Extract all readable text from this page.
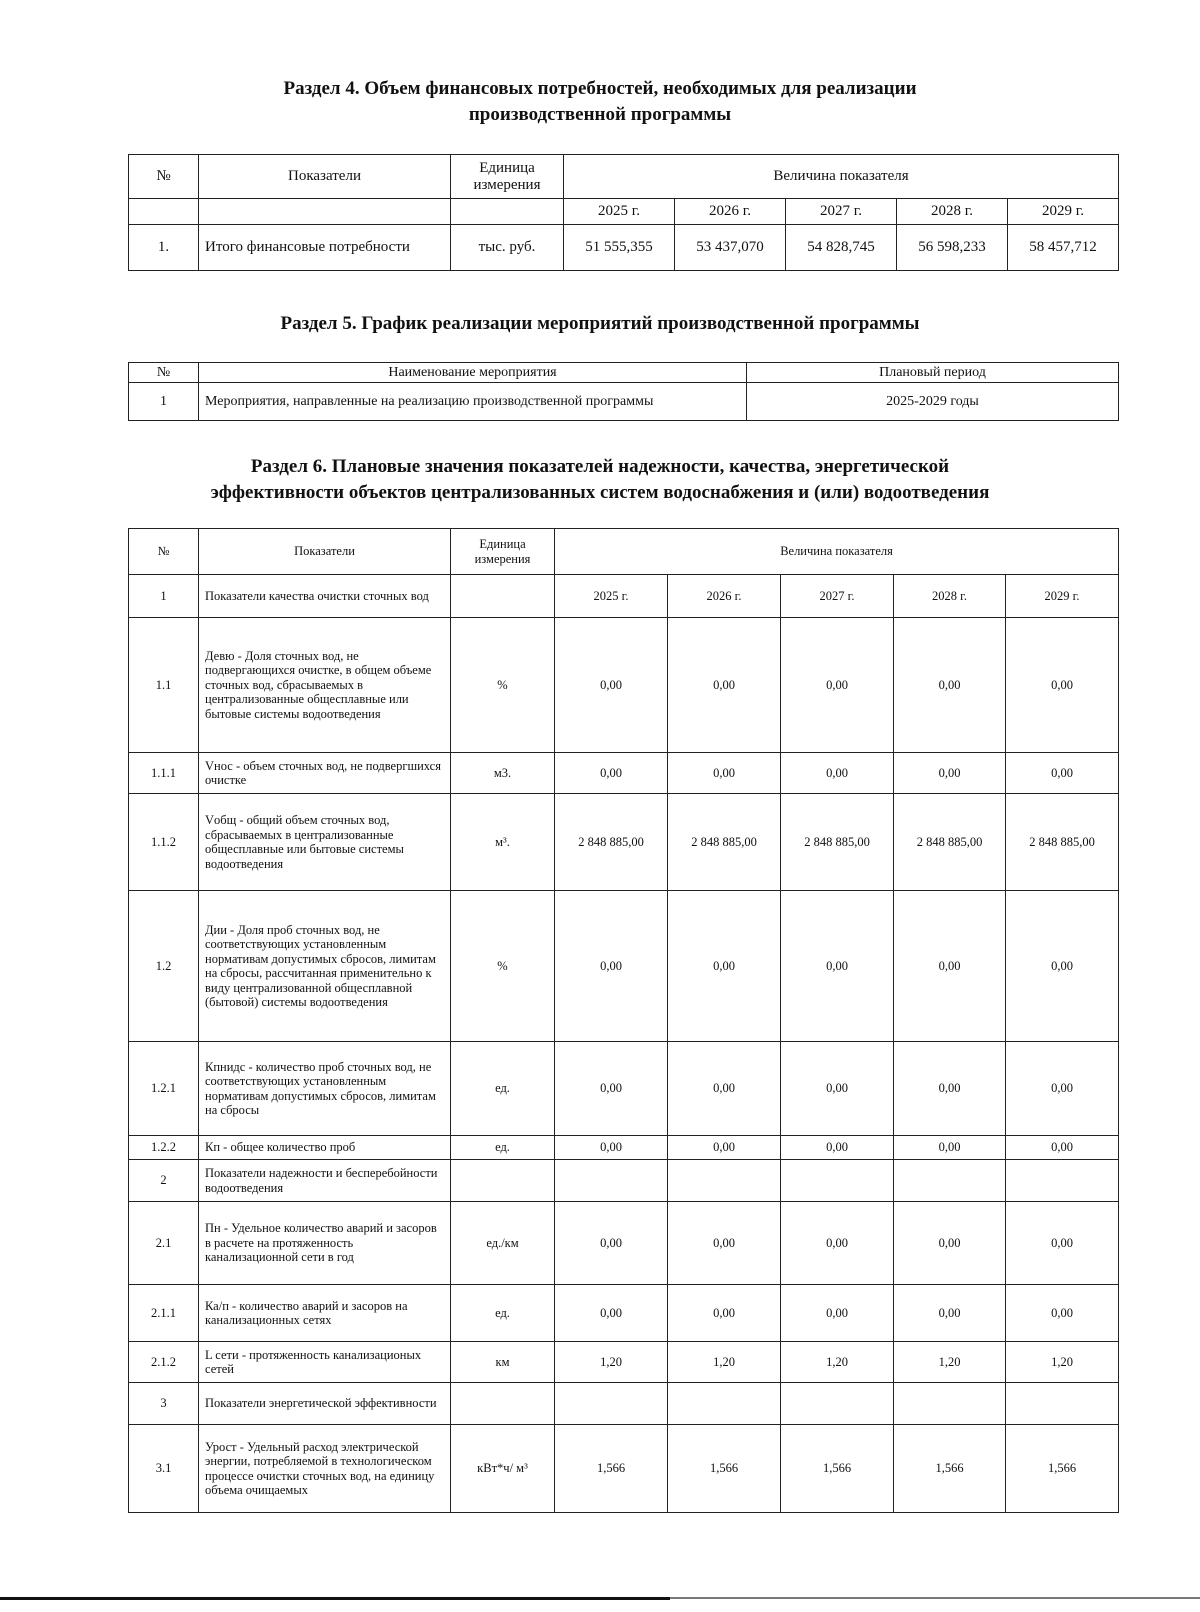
Раздел 4. Объем финансовых потребностей, необходимых для реализации
производственной программы
№	Показатели	Единица измерения	Величина показателя				
			2025 г.	2026 г.	2027 г.	2028 г.	2029 г.
1.	Итого финансовые потребности	тыс. руб.	51 555,355	53 437,070	54 828,745	56 598,233	58 457,712
Раздел 5. График реализации мероприятий производственной программы
№	Наименование мероприятия	Плановый период
1	Мероприятия, направленные на реализацию производственной программы	2025-2029 годы
Раздел 6. Плановые значения показателей надежности, качества, энергетической
эффективности объектов централизованных систем водоснабжения и (или) водоотведения
№	Показатели	Единица измерения	Величина показателя				
1	Показатели качества очистки сточных вод		2025 г.	2026 г.	2027 г.	2028 г.	2029 г.
1.1	Девю - Доля сточных вод, не подвергающихся очистке, в общем объеме сточных вод, сбрасываемых в централизованные общесплавные или бытовые системы водоотведения	%	0,00	0,00	0,00	0,00	0,00
1.1.1	Vнос - объем сточных вод, не подвергшихся очистке	м3.	0,00	0,00	0,00	0,00	0,00
1.1.2	Vобщ - общий объем сточных вод, сбрасываемых в централизованные общесплавные или бытовые системы водоотведения	м³.	2 848 885,00	2 848 885,00	2 848 885,00	2 848 885,00	2 848 885,00
1.2	Дии - Доля проб сточных вод, не соответствующих установленным нормативам допустимых сбросов, лимитам на сбросы, рассчитанная применительно к виду централизованной общесплавной (бытовой) системы водоотведения	%	0,00	0,00	0,00	0,00	0,00
1.2.1	Кпнидс - количество проб сточных вод, не соответствующих установленным нормативам допустимых сбросов, лимитам на сбросы	ед.	0,00	0,00	0,00	0,00	0,00
1.2.2	Кп - общее количество проб	ед.	0,00	0,00	0,00	0,00	0,00
2	Показатели надежности и бесперебойности водоотведения						
2.1	Пн - Удельное количество аварий и засоров в расчете на протяженность канализационной сети в год	ед./км	0,00	0,00	0,00	0,00	0,00
2.1.1	Ка/п - количество аварий и засоров на канализационных сетях	ед.	0,00	0,00	0,00	0,00	0,00
2.1.2	L сети - протяженность канализационых сетей	км	1,20	1,20	1,20	1,20	1,20
3	Показатели энергетической эффективности						
3.1	Урост - Удельный расход электрической энергии, потребляемой в технологическом процессе очистки сточных вод, на единицу объема очищаемых	кВт*ч/ м³	1,566	1,566	1,566	1,566	1,566
